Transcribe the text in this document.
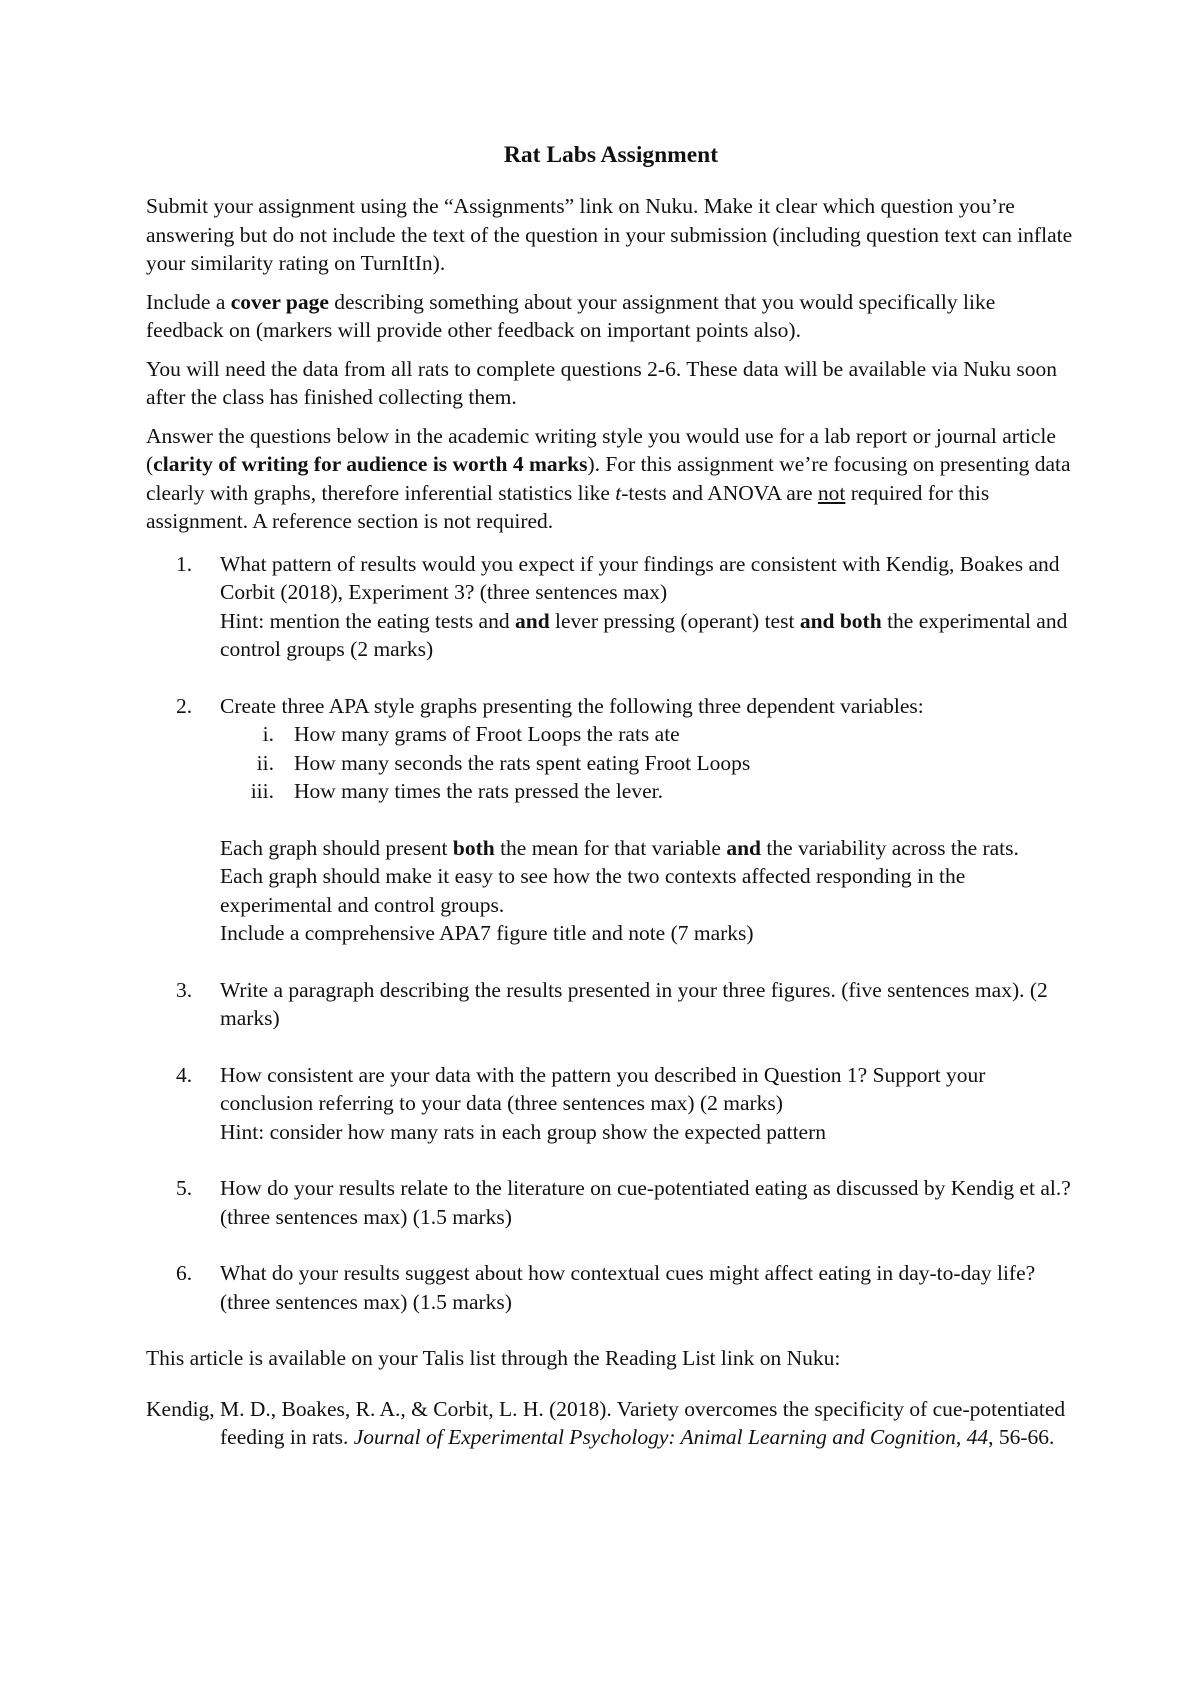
Rat Labs Assignment

Submit your assignment using the “Assignments” link on Nuku. Make it clear which question you’re answering but do not include the text of the question in your submission (including question text can inflate your similarity rating on TurnItIn).

Include a cover page describing something about your assignment that you would specifically like feedback on (markers will provide other feedback on important points also).

You will need the data from all rats to complete questions 2-6. These data will be available via Nuku soon after the class has finished collecting them.

Answer the questions below in the academic writing style you would use for a lab report or journal article (clarity of writing for audience is worth 4 marks). For this assignment we’re focusing on presenting data clearly with graphs, therefore inferential statistics like t-tests and ANOVA are not required for this assignment. A reference section is not required.

1. What pattern of results would you expect if your findings are consistent with Kendig, Boakes and Corbit (2018), Experiment 3? (three sentences max)
Hint: mention the eating tests and and lever pressing (operant) test and both the experimental and control groups (2 marks)
2. Create three APA style graphs presenting the following three dependent variables:
i. How many grams of Froot Loops the rats ate
ii. How many seconds the rats spent eating Froot Loops
iii. How many times the rats pressed the lever.
Each graph should present both the mean for that variable and the variability across the rats.
Each graph should make it easy to see how the two contexts affected responding in the experimental and control groups.
Include a comprehensive APA7 figure title and note (7 marks)
3. Write a paragraph describing the results presented in your three figures. (five sentences max). (2 marks)
4. How consistent are your data with the pattern you described in Question 1? Support your conclusion referring to your data (three sentences max) (2 marks)
Hint: consider how many rats in each group show the expected pattern
5. How do your results relate to the literature on cue-potentiated eating as discussed by Kendig et al.? (three sentences max) (1.5 marks)
6. What do your results suggest about how contextual cues might affect eating in day-to-day life? (three sentences max) (1.5 marks)

This article is available on your Talis list through the Reading List link on Nuku:

Kendig, M. D., Boakes, R. A., & Corbit, L. H. (2018). Variety overcomes the specificity of cue-potentiated feeding in rats. Journal of Experimental Psychology: Animal Learning and Cognition, 44, 56-66.
